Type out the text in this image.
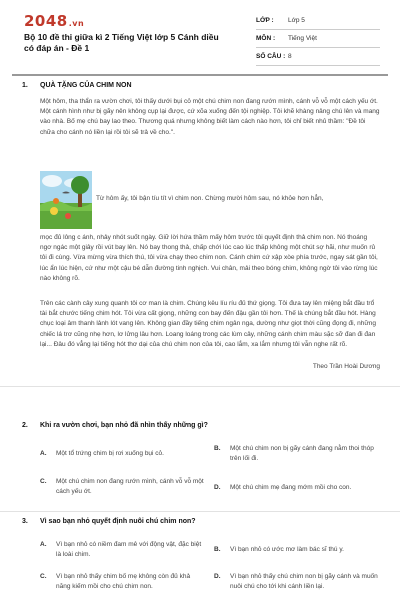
2048.vn
Bộ 10 đề thi giữa kì 2 Tiếng Việt lớp 5 Cánh diều có đáp án - Đề 1
LỚP :	Lớp 5
MÔN :	Tiếng Việt
SỐ CÂU : 8
1.	QUÀ TẶNG CỦA CHIM NON

Một hôm, tha thẩn ra vườn chơi, tôi thấy dưới bụi cỏ một chú chim non đang rướn mình, cánh vỗ vỗ một cách yếu ớt. Một cánh hình như bị gãy nên không cụp lại được, cứ xõa xuống đến tội nghiệp. Tôi khẽ khàng nâng chú lên và mang vào nhà. Bố mẹ chú bay lao theo. Thương quá nhưng không biết làm cách nào hơn, tôi chỉ biết nhủ thầm: "Đề tôi chữa cho cánh nó liền lại rồi tôi sẽ trả về cho.".

Từ hôm ấy, tôi bận tíu tít vì chim non. Chừng mười hôm sau, nó khỏe hơn hẳn,

mọc đủ lông c ánh, nhảy nhót suốt ngày. Giữ lời hứa thầm mấy hôm trước tôi quyết định thả chim non. Nó thoáng ngơ ngác một giây rồi vút bay lên. Nó bay thong thả, chấp chới lúc cao lúc thấp không một chút sợ hãi, như muốn rủ tôi đi cùng. Vừa mừng vừa thích thú, tôi vừa chạy theo chim non. Cánh chim cứ xập xòe phía trước, ngay sát gần tôi, lúc ẩn lúc hiện, cứ như một cậu bé dẫn đường tinh nghịch. Vui chân, mải theo bóng chim, không ngờ tôi vào rừng lúc nào không rõ.

Trên các cành cây xung quanh tôi cơ man là chim. Chúng kêu líu ríu đủ thứ giọng. Tôi đưa tay lên miệng bắt đầu trổ tài bắt chước tiếng chim hót. Tôi vừa cất giọng, những con bay đến đậu gần tôi hơn. Thế là chúng bắt đầu hót. Hàng chục loại âm thanh lảnh lót vang lên. Không gian đầy tiếng chim ngân nga, dường như giọt thời cũng đọng đi, những chiếc lá trơ cũng nhẹ hơn, lơ lửng lâu hơn. Loang loáng trong các lùm cây, những cánh chim màu sặc sỡ đan đi đan lại... Đâu đó vẳng lại tiếng hót thơ dại của chú chim non của tôi, cao lắm, xa lắm nhưng tôi vẫn nghe rất rõ.

Theo Trần Hoài Dương

2.	Khi ra vườn chơi, bạn nhỏ đã nhìn thấy những gì?
A.	Một tổ trứng chim bị rơi xuống bụi cỏ.
B.	Một chú chim non bị gãy cánh đang nằm thoi thóp trên lối đi.
C.	Một chú chim non đang rướn mình, cánh vỗ vỗ một cách yếu ớt.
D.	Một chú chim mẹ đang mớm mồi cho con.
3.	Vì sao bạn nhỏ quyết định nuôi chú chim non?
A.	Vì bạn nhỏ có niềm đam mê với động vật, đặc biệt là loài chim.
B.	Vì bạn nhỏ có ước mơ làm bác sĩ thú y.
C.	Vì bạn nhỏ thấy chim bố mẹ không còn đủ khả năng kiếm mồi cho chú chim non.
D.	Vì bạn nhỏ thấy chú chim non bị gãy cánh và muốn nuôi chú cho tới khi cánh liền lại.
